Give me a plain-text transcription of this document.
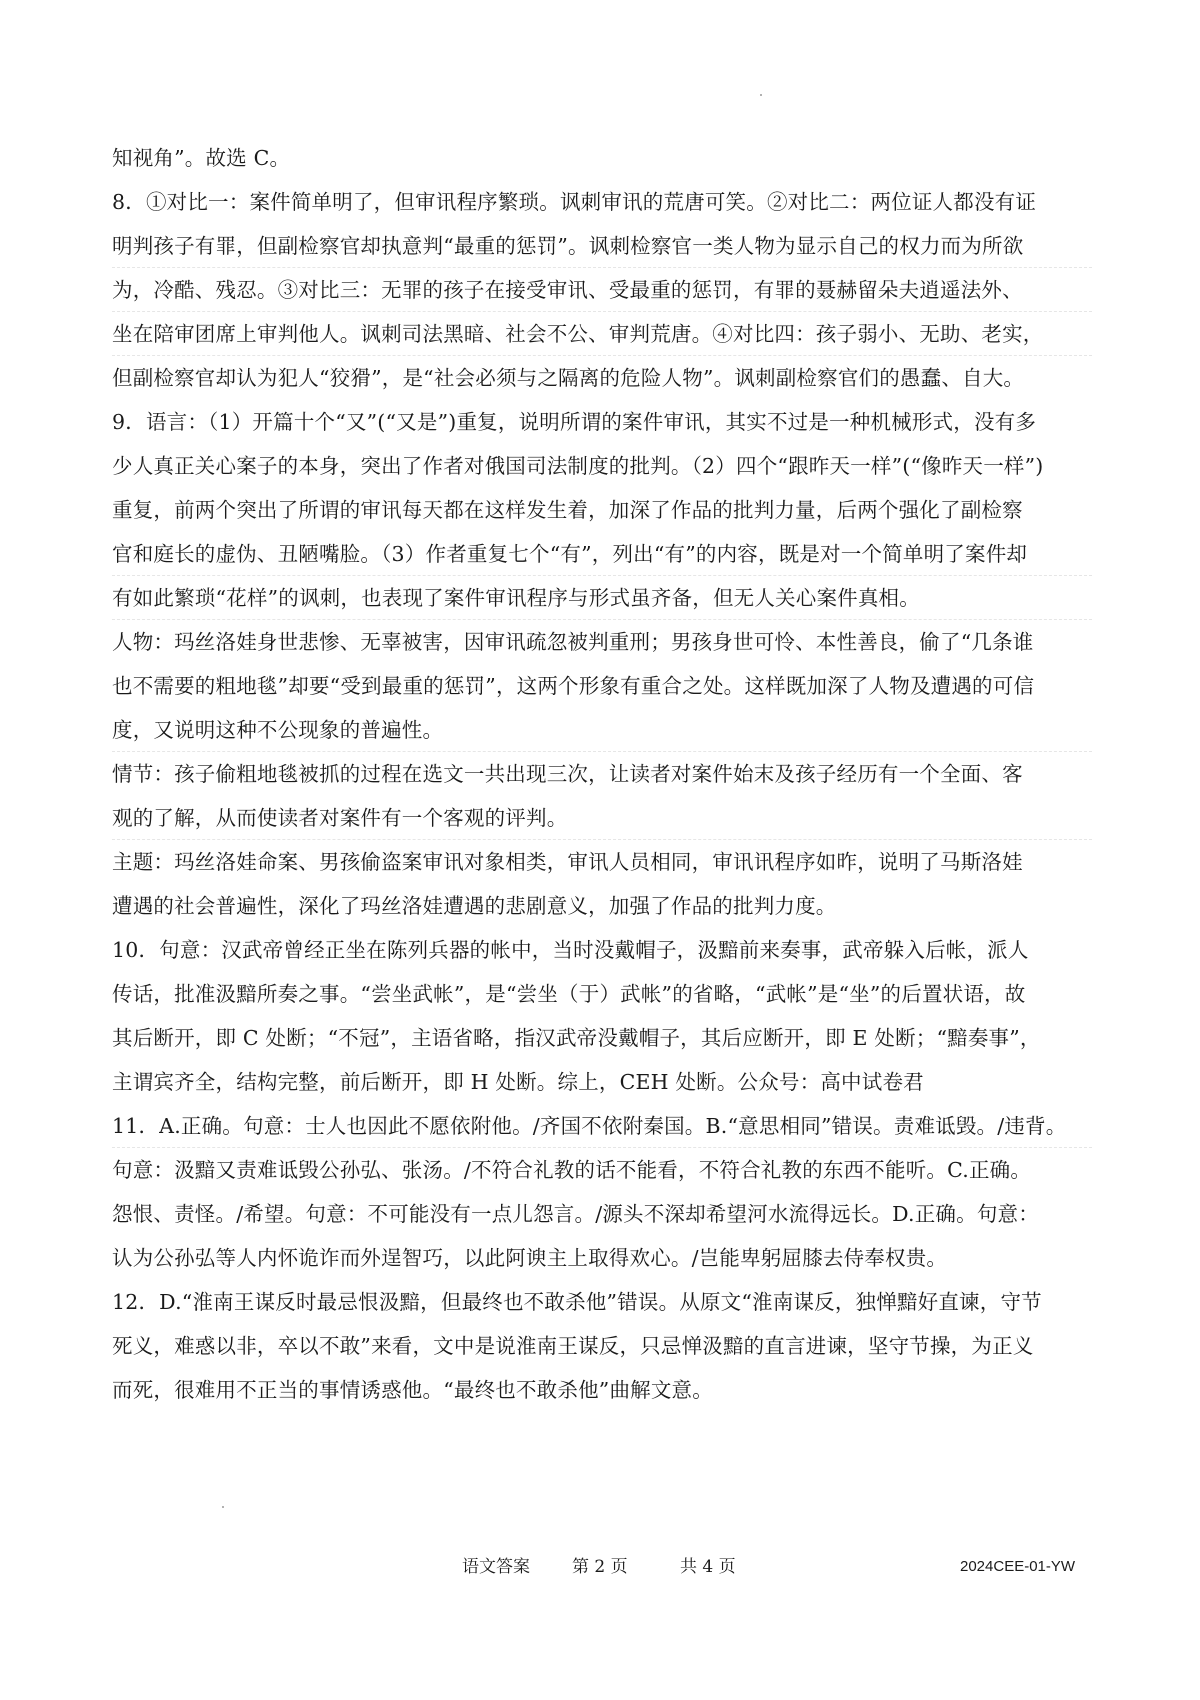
知视角”。故选 C。
8．①对比一：案件简单明了，但审讯程序繁琐。讽刺审讯的荒唐可笑。②对比二：两位证人都没有证
明判孩子有罪，但副检察官却执意判“最重的惩罚”。讽刺检察官一类人物为显示自己的权力而为所欲
为，冷酷、残忍。③对比三：无罪的孩子在接受审讯、受最重的惩罚，有罪的聂赫留朵夫逍遥法外、
坐在陪审团席上审判他人。讽刺司法黑暗、社会不公、审判荒唐。④对比四：孩子弱小、无助、老实，
但副检察官却认为犯人“狡猾”，是“社会必须与之隔离的危险人物”。讽刺副检察官们的愚蠢、自大。
9．语言：（1）开篇十个“又”(“又是”)重复，说明所谓的案件审讯，其实不过是一种机械形式，没有多
少人真正关心案子的本身，突出了作者对俄国司法制度的批判。（2）四个“跟昨天一样”(“像昨天一样”)
重复，前两个突出了所谓的审讯每天都在这样发生着，加深了作品的批判力量，后两个强化了副检察
官和庭长的虚伪、丑陋嘴脸。（3）作者重复七个“有”，列出“有”的内容，既是对一个简单明了案件却
有如此繁琐“花样”的讽刺，也表现了案件审讯程序与形式虽齐备，但无人关心案件真相。
人物：玛丝洛娃身世悲惨、无辜被害，因审讯疏忽被判重刑；男孩身世可怜、本性善良，偷了“几条谁
也不需要的粗地毯”却要“受到最重的惩罚”，这两个形象有重合之处。这样既加深了人物及遭遇的可信
度，又说明这种不公现象的普遍性。
情节：孩子偷粗地毯被抓的过程在选文一共出现三次，让读者对案件始末及孩子经历有一个全面、客
观的了解，从而使读者对案件有一个客观的评判。
主题：玛丝洛娃命案、男孩偷盗案审讯对象相类，审讯人员相同，审讯讯程序如昨，说明了马斯洛娃
遭遇的社会普遍性，深化了玛丝洛娃遭遇的悲剧意义，加强了作品的批判力度。
10．句意：汉武帝曾经正坐在陈列兵器的帐中，当时没戴帽子，汲黯前来奏事，武帝躲入后帐，派人
传话，批准汲黯所奏之事。“尝坐武帐”，是“尝坐（于）武帐”的省略，“武帐”是“坐”的后置状语，故
其后断开，即 C 处断；“不冠”，主语省略，指汉武帝没戴帽子，其后应断开，即 E 处断；“黯奏事”，
主谓宾齐全，结构完整，前后断开，即 H 处断。综上，CEH 处断。公众号：高中试卷君
11．A.正确。句意：士人也因此不愿依附他。/齐国不依附秦国。B.“意思相同”错误。责难诋毁。/违背。
句意：汲黯又责难诋毁公孙弘、张汤。/不符合礼教的话不能看，不符合礼教的东西不能听。C.正确。
怨恨、责怪。/希望。句意：不可能没有一点儿怨言。/源头不深却希望河水流得远长。D.正确。句意：
认为公孙弘等人内怀诡诈而外逞智巧，以此阿谀主上取得欢心。/岂能卑躬屈膝去侍奉权贵。
12．D.“淮南王谋反时最忌恨汲黯，但最终也不敢杀他”错误。从原文“淮南谋反，独惮黯好直谏，守节
死义，难惑以非，卒以不敢”来看，文中是说淮南王谋反，只忌惮汲黯的直言进谏，坚守节操，为正义
而死，很难用不正当的事情诱惑他。“最终也不敢杀他”曲解文意。
语文答案 第 2 页	共 4 页	2024CEE-01-YW
